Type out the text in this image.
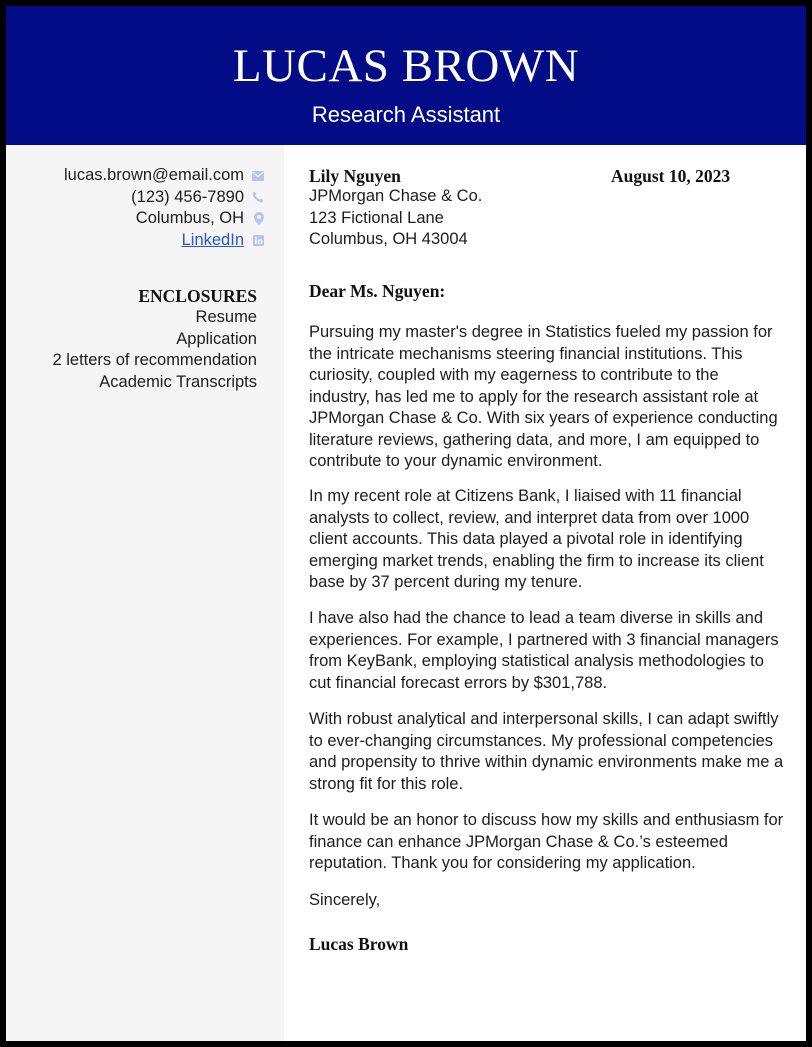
LUCAS BROWN
Research Assistant
lucas.brown@email.com
(123) 456-7890
Columbus, OH
LinkedIn
ENCLOSURES
Resume
Application
2 letters of recommendation
Academic Transcripts
Lily Nguyen	August 10, 2023
JPMorgan Chase & Co.
123 Fictional Lane
Columbus, OH 43004
Dear Ms. Nguyen:

Pursuing my master's degree in Statistics fueled my passion for the intricate mechanisms steering financial institutions. This curiosity, coupled with my eagerness to contribute to the industry, has led me to apply for the research assistant role at JPMorgan Chase & Co. With six years of experience conducting literature reviews, gathering data, and more, I am equipped to contribute to your dynamic environment.

In my recent role at Citizens Bank, I liaised with 11 financial analysts to collect, review, and interpret data from over 1000 client accounts. This data played a pivotal role in identifying emerging market trends, enabling the firm to increase its client base by 37 percent during my tenure.

I have also had the chance to lead a team diverse in skills and experiences. For example, I partnered with 3 financial managers from KeyBank, employing statistical analysis methodologies to cut financial forecast errors by $301,788.

With robust analytical and interpersonal skills, I can adapt swiftly to ever-changing circumstances. My professional competencies and propensity to thrive within dynamic environments make me a strong fit for this role.

It would be an honor to discuss how my skills and enthusiasm for finance can enhance JPMorgan Chase & Co.’s esteemed reputation. Thank you for considering my application.

Sincerely,
Lucas Brown
